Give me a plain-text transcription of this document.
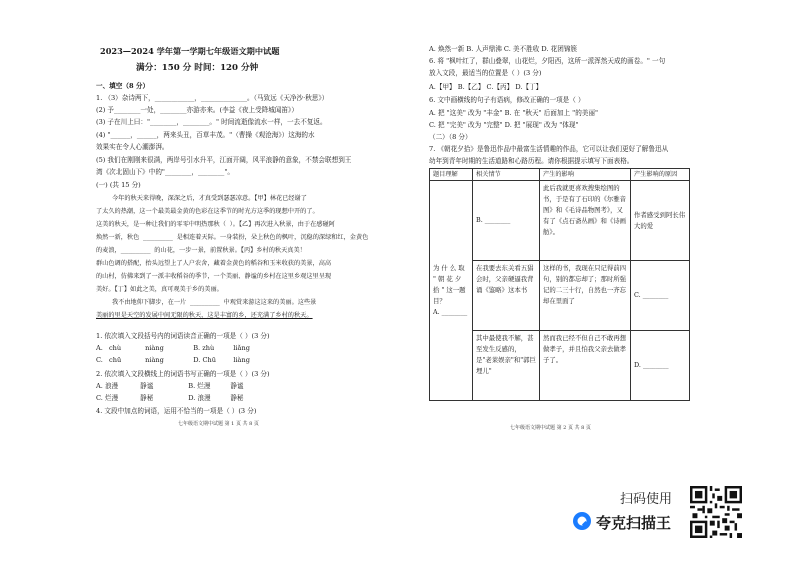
2023—2024 学年第一学期七年级语文期中试题
满分：150 分 时间：120 分钟
一、填空（8 分）
1. （3）杂诗两下，____________，______________。（马致远《天净沙·秋思》）
(2) 予________一处，________亦游亦来。(李益《夜上受降城闻笛》）
(3) 子在川上曰："________，________。" 时间流逝像流水一样，一去不复返。
(4) "______，______，两来头丑，百草丰茂。"（曹操《观沧海》）这海的水
效果实在令人心潮澎湃。
(5) 我们在刚刚来很满，两岸号引水升平，江面开阔，风平浪静的意象，不禁会联想到王
湾《次北固山下》中的"________，________"。
(一) (共 15 分)
今年的秋天来得晚，深深之后，才真受到瑟瑟凉意。【甲】林花已经谢了
了太久的热潮，这一个最美最金黄的色彩在这季节的时光方这季的现想中开的了。
这美的秋天，是一种让我们的零零中明热那秋（ ）。【乙】再次进入秋景，由于在感碰阿
焕然一新，秋色 ________ 是相连着天际。一身装扮，朵上秋色的枫叶，沉稳的深绿和红，金黄色
的麦浪，________ 的山花，一步一景，前置秋景。【丙】乡村的秋天真美！
群山色调的搭配，抬头远望上了人户农舍，藏着金黄色的稻谷和玉米收获的美景，高高
的山村，仿佛来到了一派丰收稻谷的季节，一个美丽、静谧的乡村在这里乡观这里呈现
美好。【丁】如此之美，真可观美于乡的美丽。
我不由地仰下脚步，在一片 ________ 中观赏来游这这来的美丽。这些景
美丽的里是天空的发展中间无限的秋天，这是丰富的乡，还充满了乡村的秋天。
1. 依次填入文段括号内的词语读音正确的一项是（ ）(3 分)
A. chù	niàng	B. zhù	liǎng
C. chū	niàng	D. Chū	liàng
2. 依次填入文段横线上的词语书写正确的一项是（ ）(3 分)
A. 浪漫	静谧	B. 烂漫	静谧
C. 烂漫	静秘	D. 浪漫	静秘
4. 文段中加点的词语，运用不恰当的一项是（ ）(3 分)
七年级语文期中试题 第 1 页 共 8 页
A. 焕然一新 B. 人声鼎沸 C. 美不胜收 D. 花团锦簇
6. 将 "枫叶红了，群山叠翠，山花烂，夕阳西，这所一派浑然天成的画卷。" 一句
放入文段，最适当的位置是（ ）(3 分)
A.【甲】 B.【乙】 C.【丙】 D.【丁】
6. 文中画横线的句子有语病，修改正确的一项是（ ）
A. 把 "这美" 改为 "丰金" B. 在 "秋天" 后面加上 "的美丽"
C. 把 "完美" 改为 "完整" D. 把 "展现" 改为 "体现"
（二）（8 分）
7. 《朝花夕拾》是鲁迅作品中最富生活情趣的作品，它可以让我们更好了解鲁迅从
幼年到青年时期的生活道路和心路历程。请你根据提示填写下面表格。
七年级语文期中试题 第 2 页 共 8 页
题目理解	相关情节	产生的影响	产生影响的原因

为 什 么 取 " 朝 花 夕 拾 " 这一题目？
A. ________	B. ________	此后我就更喜欢搜集绘图的书，于是有了石印的《尔雅音图》和《毛诗品物图考》，又有了《点石斋丛画》和《诗画舫》。	作者感受到阿长伟大的爱
	在我要去东关看五猖会时，父亲硬逼我背诵《鉴略》这本书	这样的书，我现在只记得前四句，别的都忘却了；那时所强记的二三十行，自然也一齐忘却在里面了	C. ________
	其中最使我不解，甚至发生反感的，是"老莱娱亲"和"郭巨埋儿"	然而我已经不但自己不敢再想做孝子，并且怕我父亲去做孝子了。	D. ________
扫码使用
夸克扫描王
